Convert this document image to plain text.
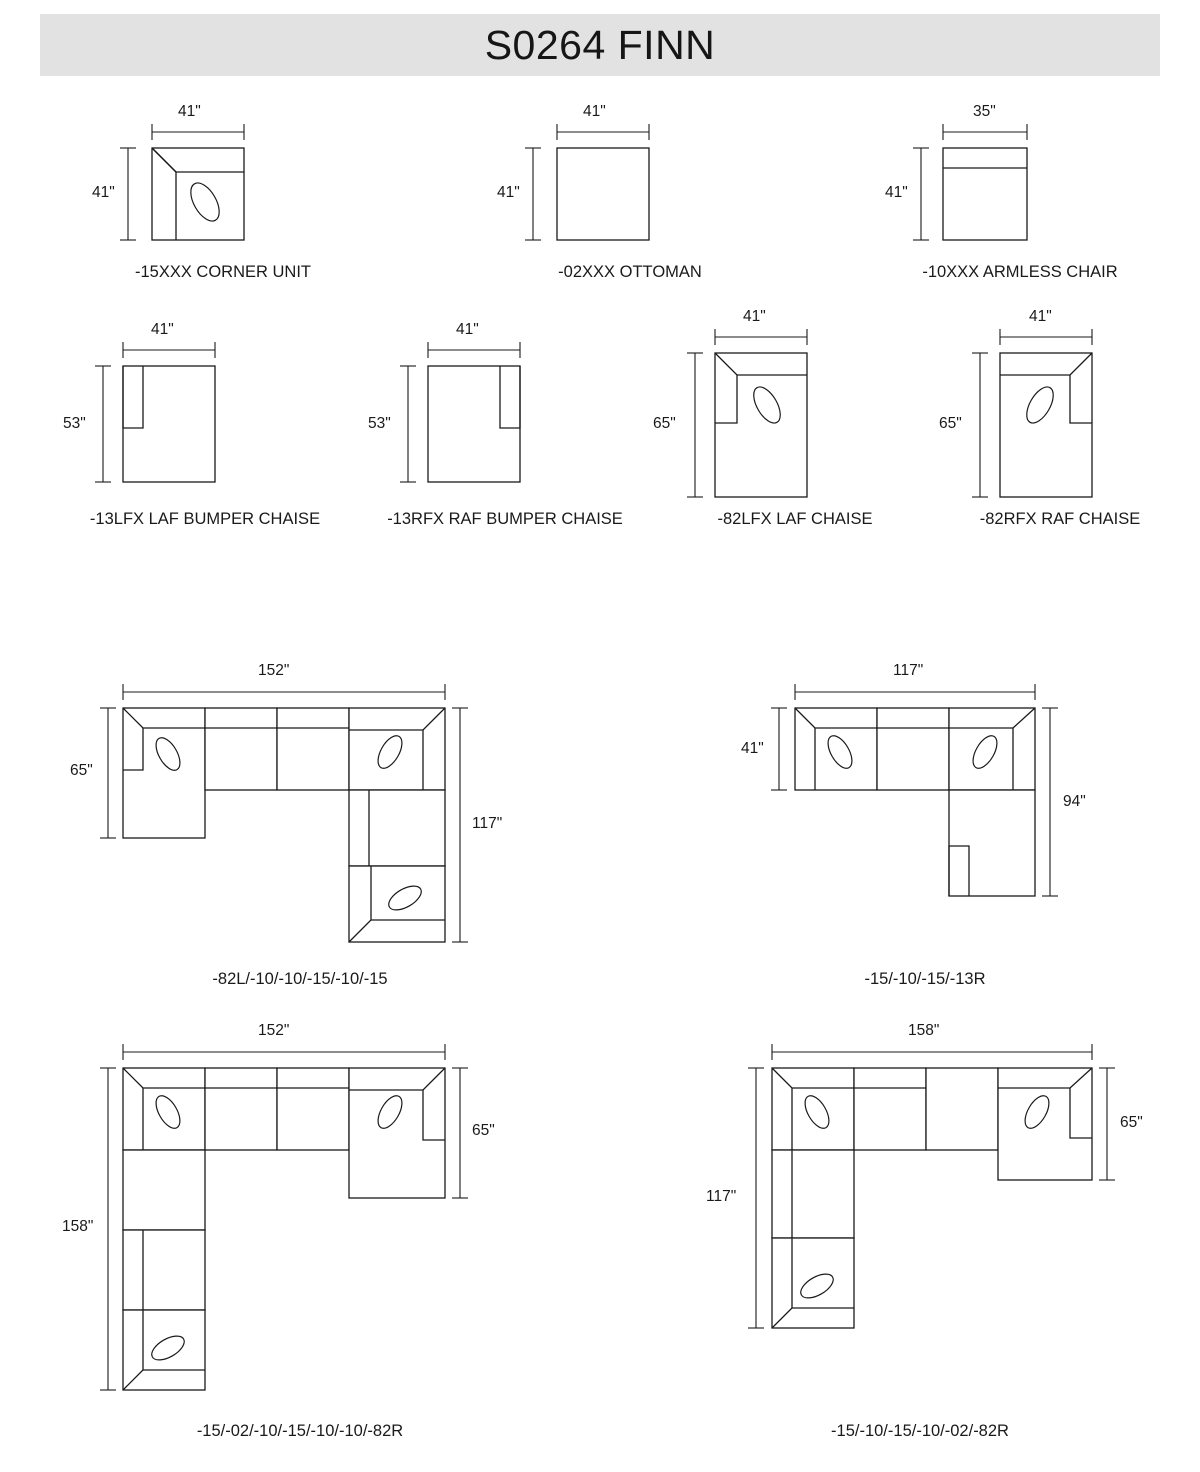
S0264 FINN
41"
41"
-15XXX CORNER UNIT
41"
41"
-02XXX OTTOMAN
35"
41"
-10XXX ARMLESS CHAIR
41"
53"
-13LFX LAF BUMPER CHAISE
41"
53"
-13RFX RAF BUMPER CHAISE
41"
65"
-82LFX LAF CHAISE
41"
65"
-82RFX RAF CHAISE
152"
65"
117"
-82L/-10/-10/-15/-10/-15
117"
41"
94"
-15/-10/-15/-13R
152"
158"
65"
-15/-02/-10/-15/-10/-10/-82R
158"
117"
65"
-15/-10/-15/-10/-02/-82R
